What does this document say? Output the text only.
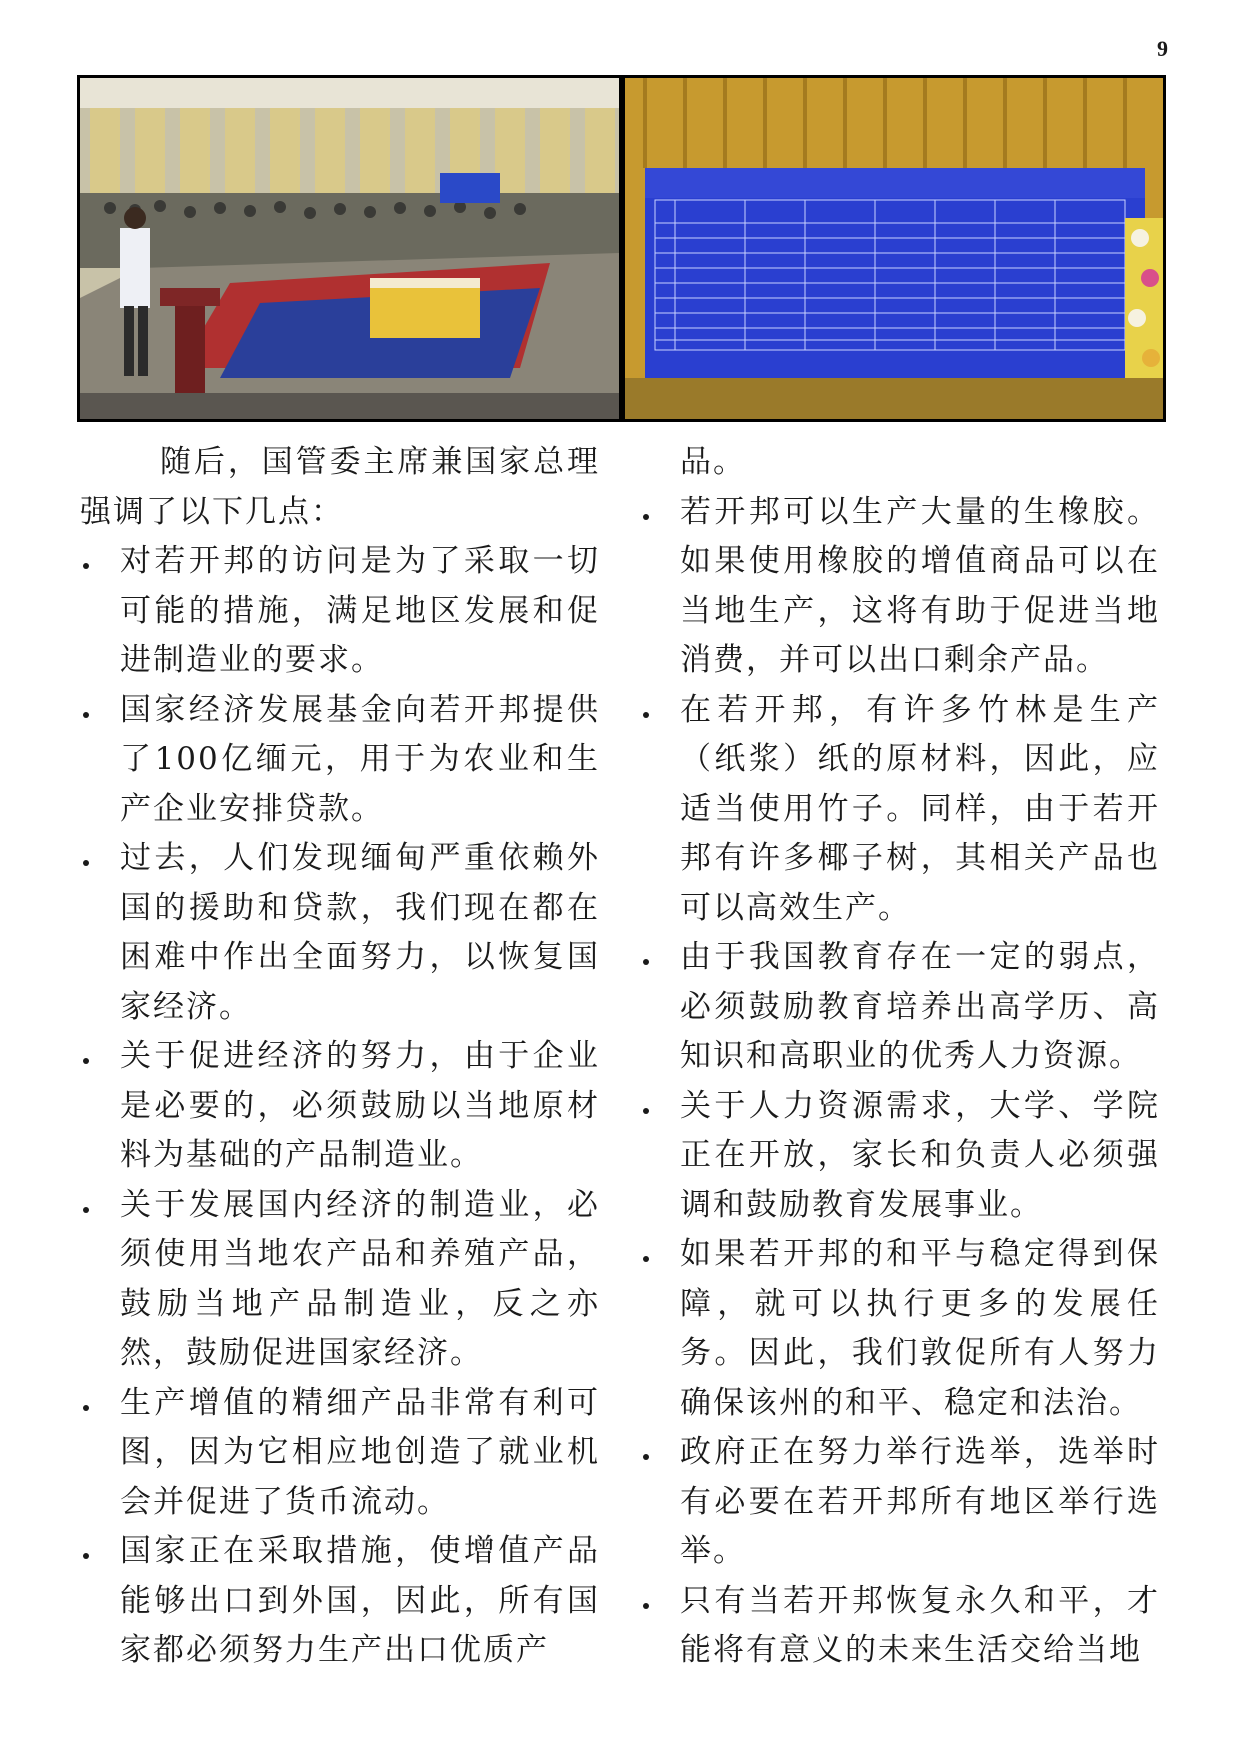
9

随后，国管委主席兼国家总理强调了以下几点：

对若开邦的访问是为了采取一切可能的措施，满足地区发展和促进制造业的要求。
国家经济发展基金向若开邦提供了100亿缅元，用于为农业和生产企业安排贷款。
过去，人们发现缅甸严重依赖外国的援助和贷款，我们现在都在困难中作出全面努力，以恢复国家经济。
关于促进经济的努力，由于企业是必要的，必须鼓励以当地原材料为基础的产品制造业。
关于发展国内经济的制造业，必须使用当地农产品和养殖产品，鼓励当地产品制造业，反之亦然，鼓励促进国家经济。
生产增值的精细产品非常有利可图，因为它相应地创造了就业机会并促进了货币流动。
国家正在采取措施，使增值产品能够出口到外国，因此，所有国家都必须努力生产出口优质产

品。

若开邦可以生产大量的生橡胶。如果使用橡胶的增值商品可以在当地生产，这将有助于促进当地消费，并可以出口剩余产品。
在若开邦，有许多竹林是生产（纸浆）纸的原材料，因此，应适当使用竹子。同样，由于若开邦有许多椰子树，其相关产品也可以高效生产。
由于我国教育存在一定的弱点，必须鼓励教育培养出高学历、高知识和高职业的优秀人力资源。
关于人力资源需求，大学、学院正在开放，家长和负责人必须强调和鼓励教育发展事业。
如果若开邦的和平与稳定得到保障，就可以执行更多的发展任务。因此，我们敦促所有人努力确保该州的和平、稳定和法治。
政府正在努力举行选举，选举时有必要在若开邦所有地区举行选举。
只有当若开邦恢复永久和平，才能将有意义的未来生活交给当地
